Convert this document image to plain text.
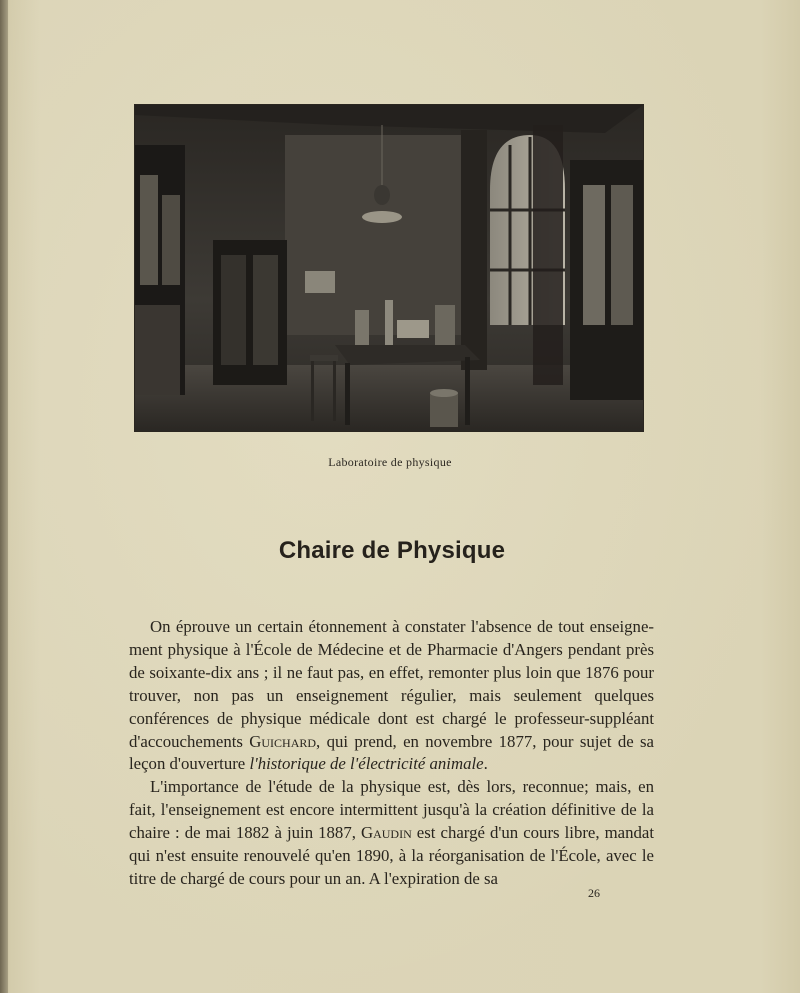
Laboratoire de physique
Chaire de Physique

On éprouve un certain étonnement à constater l'absence de tout enseignement physique à l'École de Médecine et de Pharmacie d'Angers pendant près de soixante-dix ans ; il ne faut pas, en effet, remonter plus loin que 1876 pour trouver, non pas un enseignement régulier, mais seulement quelques conférences de physique médicale dont est chargé le professeur-suppléant d'accouchements Guichard, qui prend, en novembre 1877, pour sujet de sa leçon d'ouverture l'historique de l'électricité animale.

L'importance de l'étude de la physique est, dès lors, reconnue; mais, en fait, l'enseignement est encore intermittent jusqu'à la création définitive de la chaire : de mai 1882 à juin 1887, Gaudin est chargé d'un cours libre, mandat qui n'est ensuite renouvelé qu'en 1890, à la réorganisation de l'École, avec le titre de chargé de cours pour un an. A l'expiration de sa

26
